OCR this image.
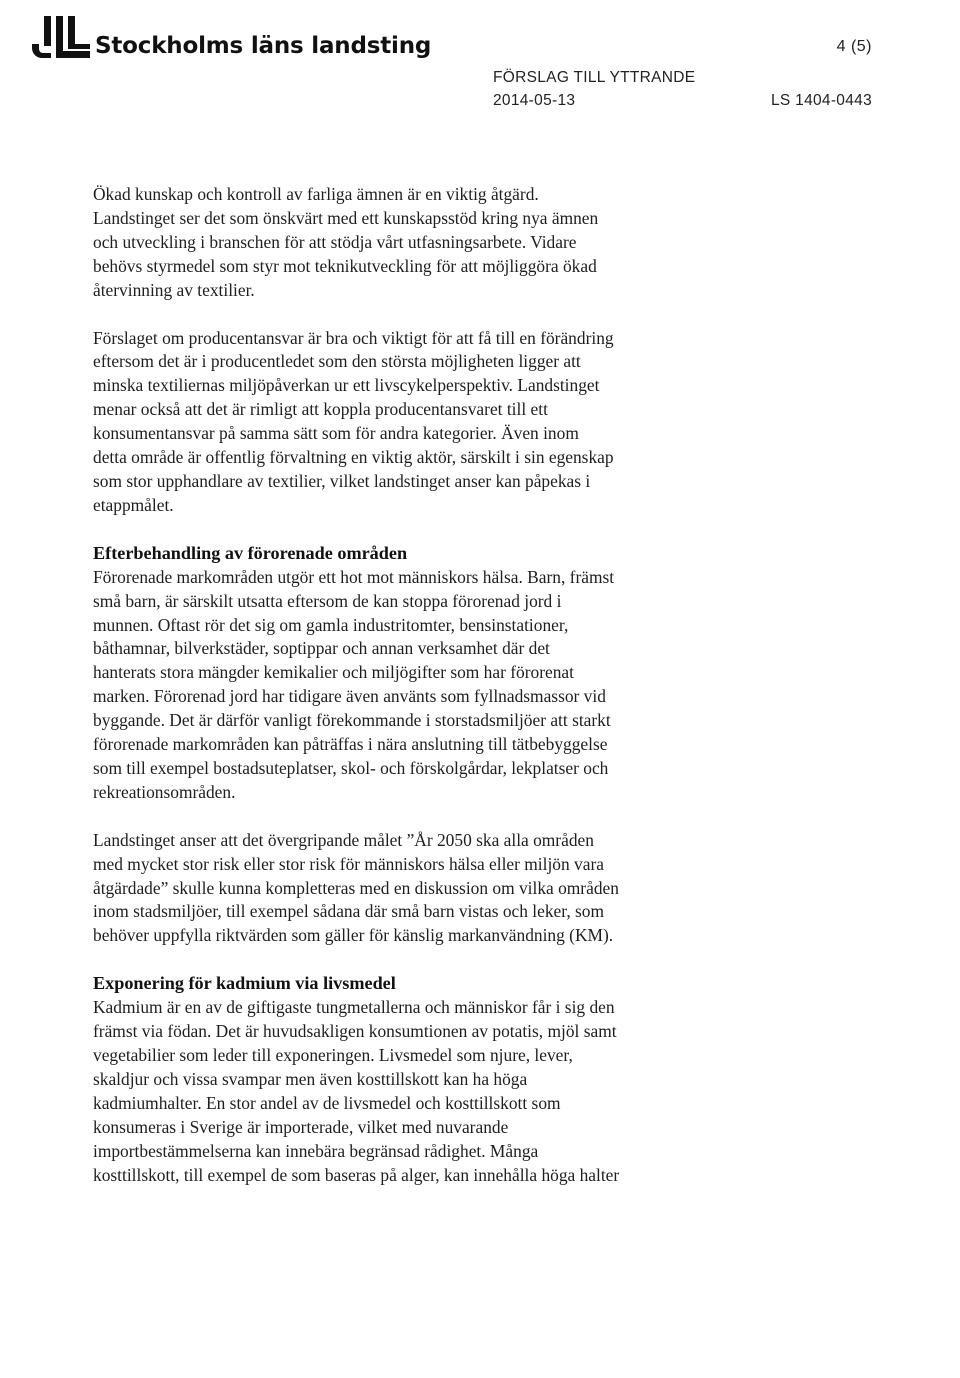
Stockholms läns landsting	4 (5)
FÖRSLAG TILL YTTRANDE
2014-05-13	LS 1404-0443

Ökad kunskap och kontroll av farliga ämnen är en viktig åtgärd.
Landstinget ser det som önskvärt med ett kunskapsstöd kring nya ämnen
och utveckling i branschen för att stödja vårt utfasningsarbete. Vidare
behövs styrmedel som styr mot teknikutveckling för att möjliggöra ökad
återvinning av textilier.

Förslaget om producentansvar är bra och viktigt för att få till en förändring
eftersom det är i producentledet som den största möjligheten ligger att
minska textiliernas miljöpåverkan ur ett livscykelperspektiv. Landstinget
menar också att det är rimligt att koppla producentansvaret till ett
konsumentansvar på samma sätt som för andra kategorier. Även inom
detta område är offentlig förvaltning en viktig aktör, särskilt i sin egenskap
som stor upphandlare av textilier, vilket landstinget anser kan påpekas i
etappmålet.

Efterbehandling av förorenade områden

Förorenade markområden utgör ett hot mot människors hälsa. Barn, främst
små barn, är särskilt utsatta eftersom de kan stoppa förorenad jord i
munnen. Oftast rör det sig om gamla industritomter, bensinstationer,
båthamnar, bilverkstäder, soptippar och annan verksamhet där det
hanterats stora mängder kemikalier och miljögifter som har förorenat
marken. Förorenad jord har tidigare även använts som fyllnadsmassor vid
byggande. Det är därför vanligt förekommande i storstadsmiljöer att starkt
förorenade markområden kan påträffas i nära anslutning till tätbebyggelse
som till exempel bostadsuteplatser, skol- och förskolgårdar, lekplatser och
rekreationsområden.

Landstinget anser att det övergripande målet ”År 2050 ska alla områden
med mycket stor risk eller stor risk för människors hälsa eller miljön vara
åtgärdade” skulle kunna kompletteras med en diskussion om vilka områden
inom stadsmiljöer, till exempel sådana där små barn vistas och leker, som
behöver uppfylla riktvärden som gäller för känslig markanvändning (KM).

Exponering för kadmium via livsmedel

Kadmium är en av de giftigaste tungmetallerna och människor får i sig den
främst via födan. Det är huvudsakligen konsumtionen av potatis, mjöl samt
vegetabilier som leder till exponeringen. Livsmedel som njure, lever,
skaldjur och vissa svampar men även kosttillskott kan ha höga
kadmiumhalter. En stor andel av de livsmedel och kosttillskott som
konsumeras i Sverige är importerade, vilket med nuvarande
importbestämmelserna kan innebära begränsad rådighet. Många
kosttillskott, till exempel de som baseras på alger, kan innehålla höga halter
